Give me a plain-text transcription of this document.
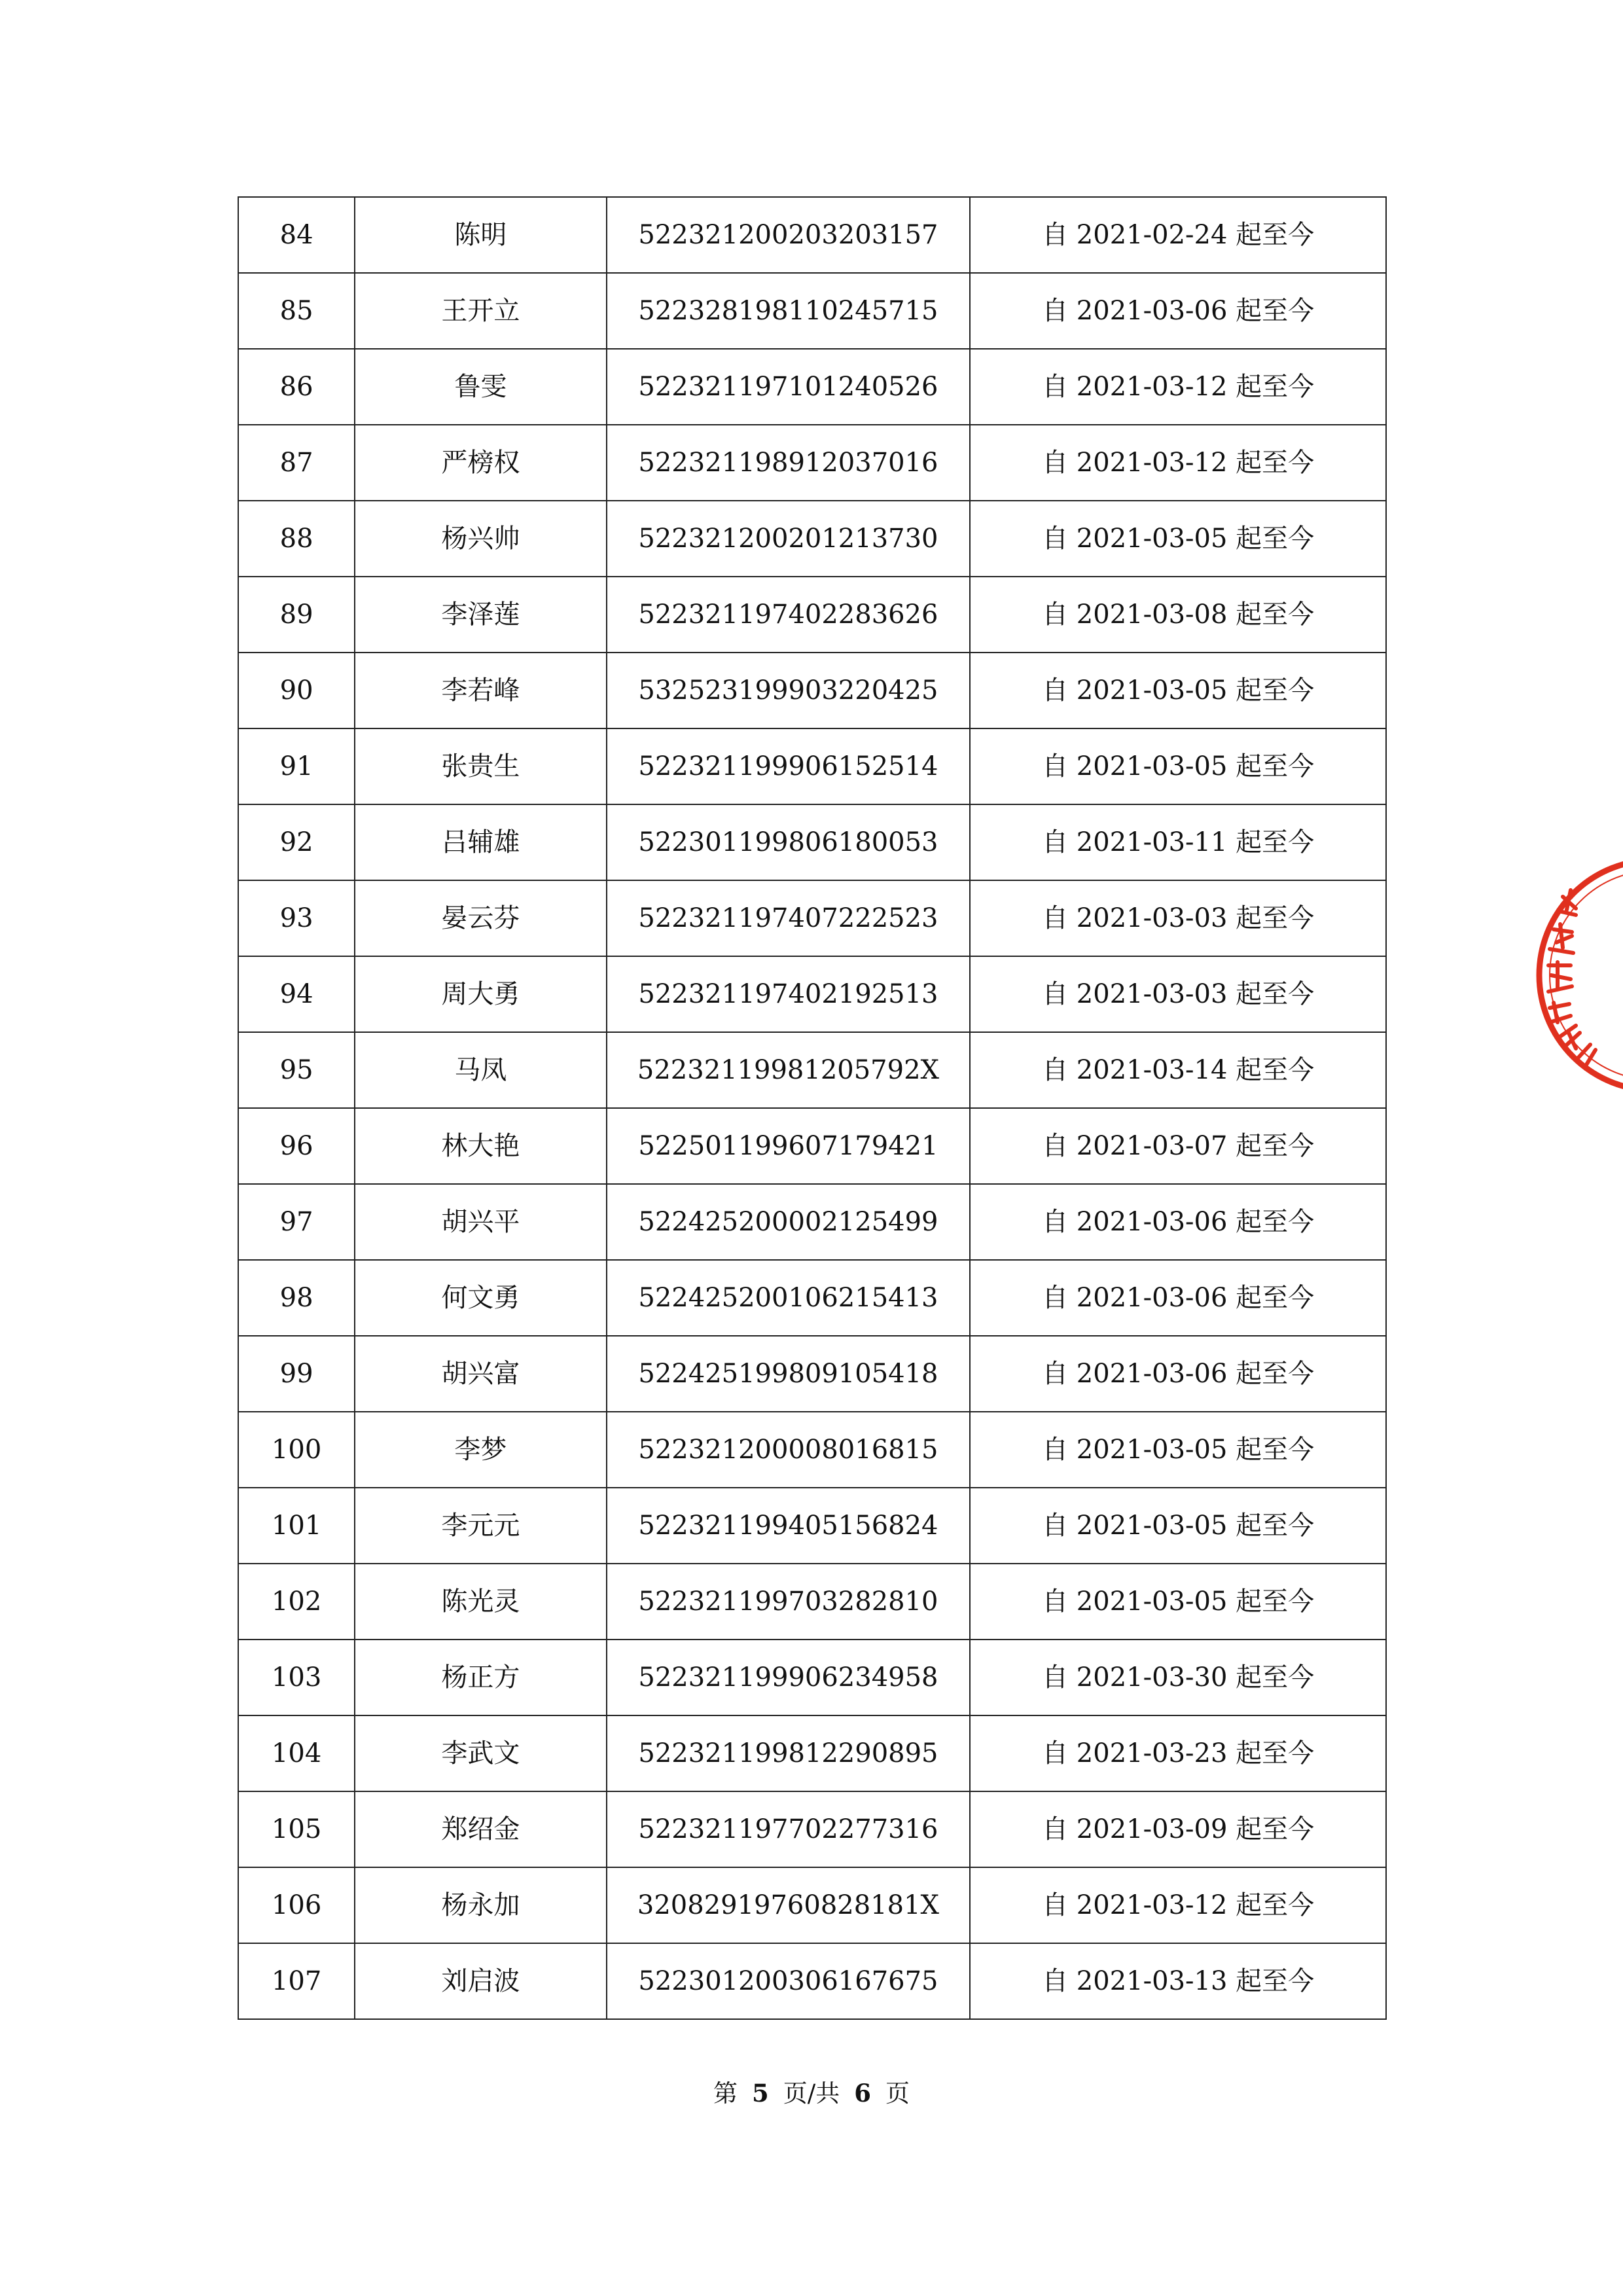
84	陈明	522321200203203157	自 2021-02-24 起至今
85	王开立	522328198110245715	自 2021-03-06 起至今
86	鲁雯	522321197101240526	自 2021-03-12 起至今
87	严榜权	522321198912037016	自 2021-03-12 起至今
88	杨兴帅	522321200201213730	自 2021-03-05 起至今
89	李泽莲	522321197402283626	自 2021-03-08 起至今
90	李若峰	532523199903220425	自 2021-03-05 起至今
91	张贵生	522321199906152514	自 2021-03-05 起至今
92	吕辅雄	522301199806180053	自 2021-03-11 起至今
93	晏云芬	522321197407222523	自 2021-03-03 起至今
94	周大勇	522321197402192513	自 2021-03-03 起至今
95	马凤	52232119981205792X	自 2021-03-14 起至今
96	林大艳	522501199607179421	自 2021-03-07 起至今
97	胡兴平	522425200002125499	自 2021-03-06 起至今
98	何文勇	522425200106215413	自 2021-03-06 起至今
99	胡兴富	522425199809105418	自 2021-03-06 起至今
100	李梦	522321200008016815	自 2021-03-05 起至今
101	李元元	522321199405156824	自 2021-03-05 起至今
102	陈光灵	522321199703282810	自 2021-03-05 起至今
103	杨正方	522321199906234958	自 2021-03-30 起至今
104	李武文	522321199812290895	自 2021-03-23 起至今
105	郑绍金	522321197702277316	自 2021-03-09 起至今
106	杨永加	32082919760828181X	自 2021-03-12 起至今
107	刘启波	522301200306167675	自 2021-03-13 起至今
第 5 页/共 6 页
